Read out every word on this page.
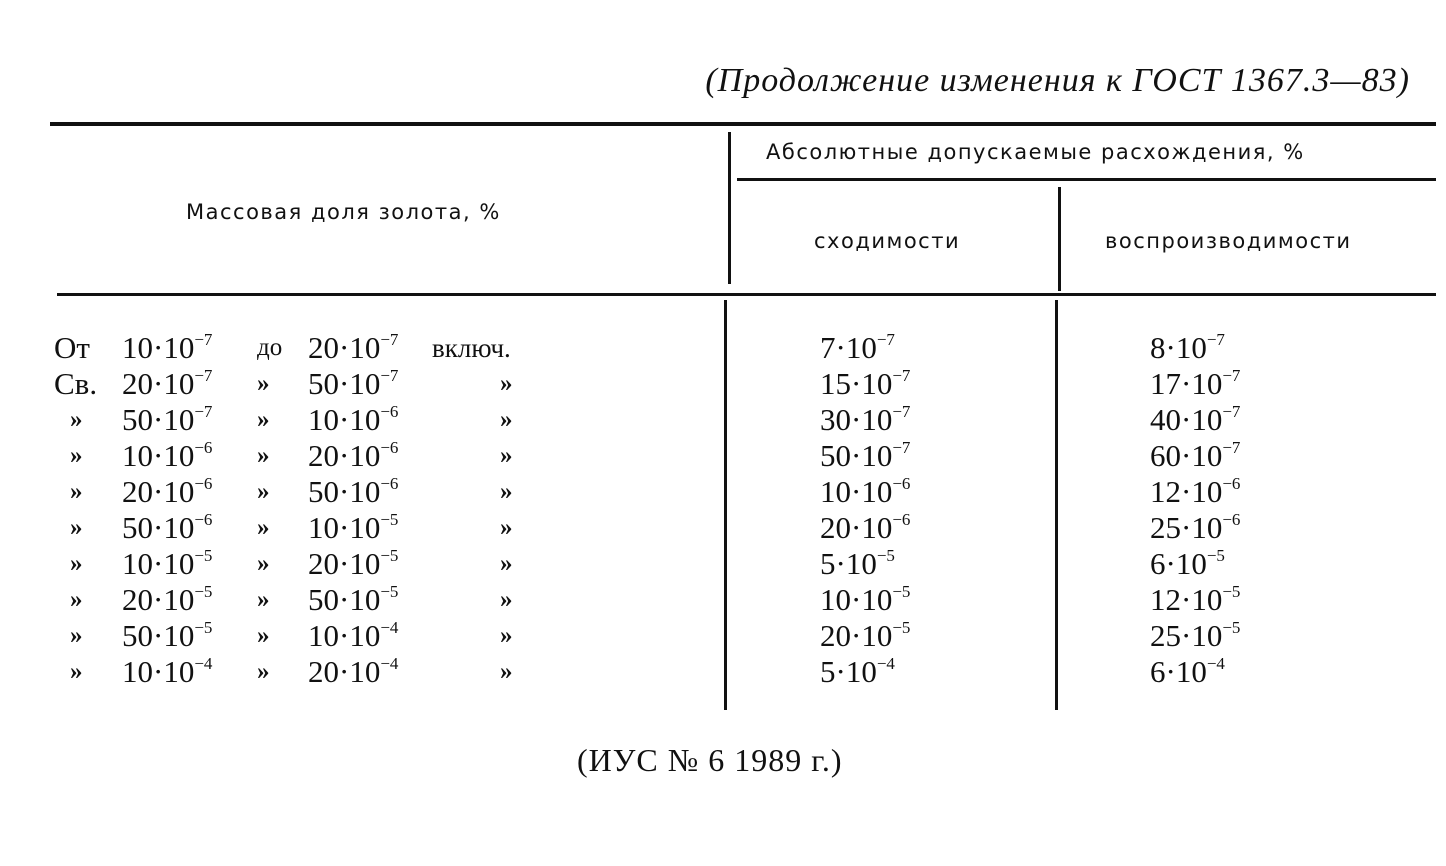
(Продолжение изменения к ГОСТ 1367.3—83)
Массовая доля золота, %
Абсолютные допускаемые расхождения, %
сходимости	воспроизводимости
От $10\cdot 10^{-7}$ до $20\cdot 10^{-7}$ включ.	$7\cdot 10^{-7}$	$8\cdot 10^{-7}$
Св. $20\cdot 10^{-7}$ » $50\cdot 10^{-7}$	»	$15\cdot 10^{-7}$	$17\cdot 10^{-7}$
» $50\cdot 10^{-7}$ » $10\cdot 10^{-6}$	»	$30\cdot 10^{-7}$	$40\cdot 10^{-7}$
» $10\cdot 10^{-6}$ » $20\cdot 10^{-6}$	»	$50\cdot 10^{-7}$	$60\cdot 10^{-7}$
» $20\cdot 10^{-6}$ » $50\cdot 10^{-6}$	»	$10\cdot 10^{-6}$	$12\cdot 10^{-6}$
» $50\cdot 10^{-6}$ » $10\cdot 10^{-5}$	»	$20\cdot 10^{-6}$	$25\cdot 10^{-6}$
» $10\cdot 10^{-5}$ » $20\cdot 10^{-5}$	»	$5\cdot 10^{-5}$	$6\cdot 10^{-5}$
» $20\cdot 10^{-5}$ » $50\cdot 10^{-5}$	»	$10\cdot 10^{-5}$	$12\cdot 10^{-5}$
» $50\cdot 10^{-5}$ » $10\cdot 10^{-4}$	»	$20\cdot 10^{-5}$	$25\cdot 10^{-5}$
» $10\cdot 10^{-4}$ » $20\cdot 10^{-4}$	»	$5\cdot 10^{-4}$	$6\cdot 10^{-4}$
(ИУС № 6 1989 г.)
